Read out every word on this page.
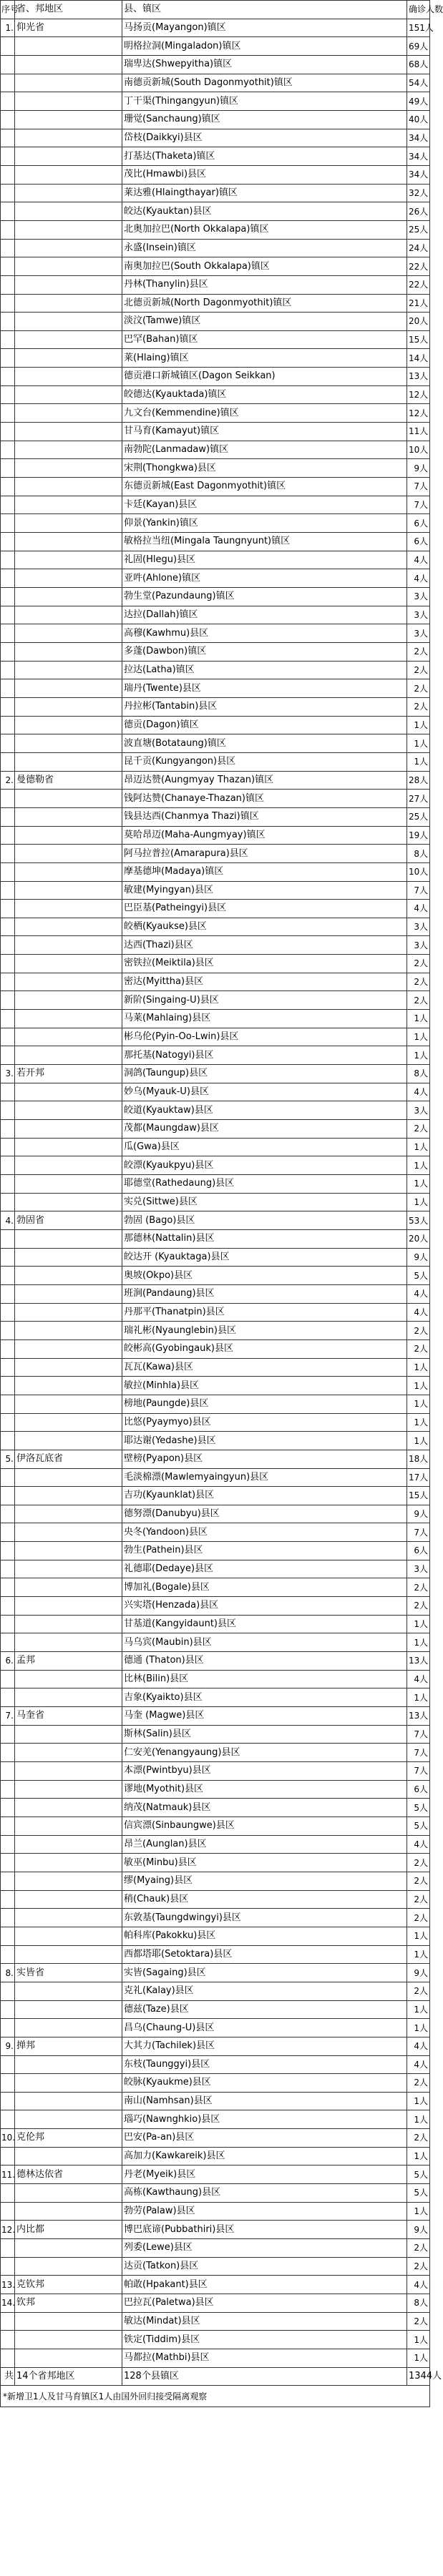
序号	省、邦地区	县、镇区	确诊人数
1.	仰光省	马扬贡(Mayangon)镇区	151人
		明格拉洞(Mingaladon)镇区	69人
		瑞卑达(Shwepyitha)镇区	68人
		南德贡新城(South Dagonmyothit)镇区	54人
		丁干渠(Thingangyun)镇区	49人
		珊觉(Sanchaung)镇区	40人
		岱枝(Daikkyi)县区	34人
		打基达(Thaketa)镇区	34人
		茂比(Hmawbi)县区	34人
		莱达雅(Hlaingthayar)镇区	32人
		皎达(Kyauktan)县区	26人
		北奥加拉巴(North Okkalapa)镇区	25人
		永盛(Insein)镇区	24人
		南奥加拉巴(South Okkalapa)镇区	22人
		丹林(Thanylin)县区	22人
		北德贡新城(North Dagonmyothit)镇区	21人
		淡汶(Tamwe)镇区	20人
		巴罕(Bahan)镇区	15人
		莱(Hlaing)镇区	14人
		德贡港口新城镇区(Dagon Seikkan)	13人
		皎德达(Kyauktada)镇区	12人
		九文台(Kemmendine)镇区	12人
		甘马育(Kamayut)镇区	11人
		南勃陀(Lanmadaw)镇区	10人
		宋荆(Thongkwa)县区	9人
		东德贡新城(East Dagonmyothit)镇区	7人
		卡廷(Kayan)县区	7人
		仰景(Yankin)镇区	6人
		敏格拉当纽(Mingala Taungnyunt)镇区	6人
		礼固(Hlegu)县区	4人
		亚吽(Ahlone)镇区	4人
		勃生堂(Pazundaung)镇区	3人
		达拉(Dallah)镇区	3人
		高穆(Kawhmu)县区	3人
		多蓬(Dawbon)镇区	2人
		拉达(Latha)镇区	2人
		瑞丹(Twente)县区	2人
		丹拉彬(Tantabin)县区	2人
		德贡(Dagon)镇区	1人
		波直塘(Botataung)镇区	1人
		昆千贡(Kungyangon)县区	1人
2.	曼德勒省	昂迈达赞(Aungmyay Thazan)镇区	28人
		钱阿达赞(Chanaye-Thazan)镇区	27人
		钱县达西(Chanmya Thazi)镇区	25人
		莫哈昂迈(Maha-Aungmyay)镇区	19人
		阿马拉普拉(Amarapura)县区	8人
		摩基德坤(Madaya)镇区	10人
		敏建(Myingyan)县区	7人
		巴臣基(Patheingyi)县区	4人
		皎栖(Kyaukse)县区	3人
		达西(Thazi)县区	3人
		密铁拉(Meiktila)县区	2人
		密达(Myittha)县区	2人
		新阶(Singaing-U)县区	2人
		马莱(Mahlaing)县区	1人
		彬乌伦(Pyin-Oo-Lwin)县区	1人
		那托基(Natogyi)县区	1人
3.	若开邦	洞鸽(Taungup)县区	8人
		妙乌(Myauk-U)县区	4人
		皎道(Kyauktaw)县区	3人
		茂都(Maungdaw)县区	2人
		瓜(Gwa)县区	1人
		皎漂(Kyaukpyu)县区	1人
		耶德堂(Rathedaung)县区	1人
		实兑(Sittwe)县区	1人
4.	勃固省	勃固 (Bago)县区	53人
		那德林(Nattalin)县区	20人
		皎达开 (Kyauktaga)县区	9人
		奥坡(Okpo)县区	5人
		班涧(Pandaung)县区	4人
		丹那平(Thanatpin)县区	4人
		瑞礼彬(Nyaunglebin)县区	2人
		皎彬高(Gyobingauk)县区	2人
		瓦瓦(Kawa)县区	1人
		敏拉(Minhla)县区	1人
		榜地(Paungde)县区	1人
		比悠(Pyaymyo)县区	1人
		耶达谢(Yedashe)县区	1人
5.	伊洛瓦底省	壁榜(Pyapon)县区	18人
		毛淡棉漂(Mawlemyaingyun)县区	17人
		吉功(Kyaunklat)县区	15人
		德努漂(Danubyu)县区	9人
		央冬(Yandoon)县区	7人
		勃生(Pathein)县区	6人
		礼德耶(Dedaye)县区	3人
		博加礼(Bogale)县区	2人
		兴实塔(Henzada)县区	2人
		甘基道(Kangyidaunt)县区	1人
		马乌宾(Maubin)县区	1人
6.	孟邦	德通 (Thaton)县区	13人
		比林(Bilin)县区	4人
		吉象(Kyaikto)县区	1人
7.	马奎省	马奎 (Magwe)县区	13人
		斯林(Salin)县区	7人
		仁安羌(Yenangyaung)县区	7人
		本漂(Pwintbyu)县区	7人
		谬地(Myothit)县区	6人
		纳茂(Natmauk)县区	5人
		信宾漂(Sinbaungwe)县区	5人
		昂兰(Aunglan)县区	4人
		敏巫(Minbu)县区	2人
		缪(Myaing)县区	2人
		稍(Chauk)县区	2人
		东敦基(Taungdwingyi)县区	2人
		帕科库(Pakokku)县区	1人
		西都塔耶(Setoktara)县区	1人
8.	实皆省	实皆(Sagaing)县区	9人
		克礼(Kalay)县区	2人
		德兹(Taze)县区	1人
		昌乌(Chaung-U)县区	1人
9.	掸邦	大其力(Tachilek)县区	4人
		东枝(Taunggyi)县区	4人
		皎脉(Kyaukme)县区	2人
		南山(Namhsan)县区	1人
		瑙巧(Nawnghkio)县区	1人
10.	克伦邦	巴安(Pa-an)县区	2人
		高加力(Kawkareik)县区	1人
11.	德林达依省	丹老(Myeik)县区	5人
		高栋(Kawthaung)县区	5人
		勃劳(Palaw)县区	1人
12.	内比都	博巴底谛(Pubbathiri)县区	9人
		列委(Lewe)县区	2人
		达贡(Tatkon)县区	2人
13.	克钦邦	帕敢(Hpakant)县区	4人
14.	钦邦	巴拉瓦(Paletwa)县区	8人
		敏达(Mindat)县区	2人
		铁定(Tiddim)县区	1人
		马都拉(Mathbi)县区	1人
共	14个省邦地区	128个县镇区	1344人
*新增卫1人及甘马育镇区1人由国外回归接受隔离观察			
